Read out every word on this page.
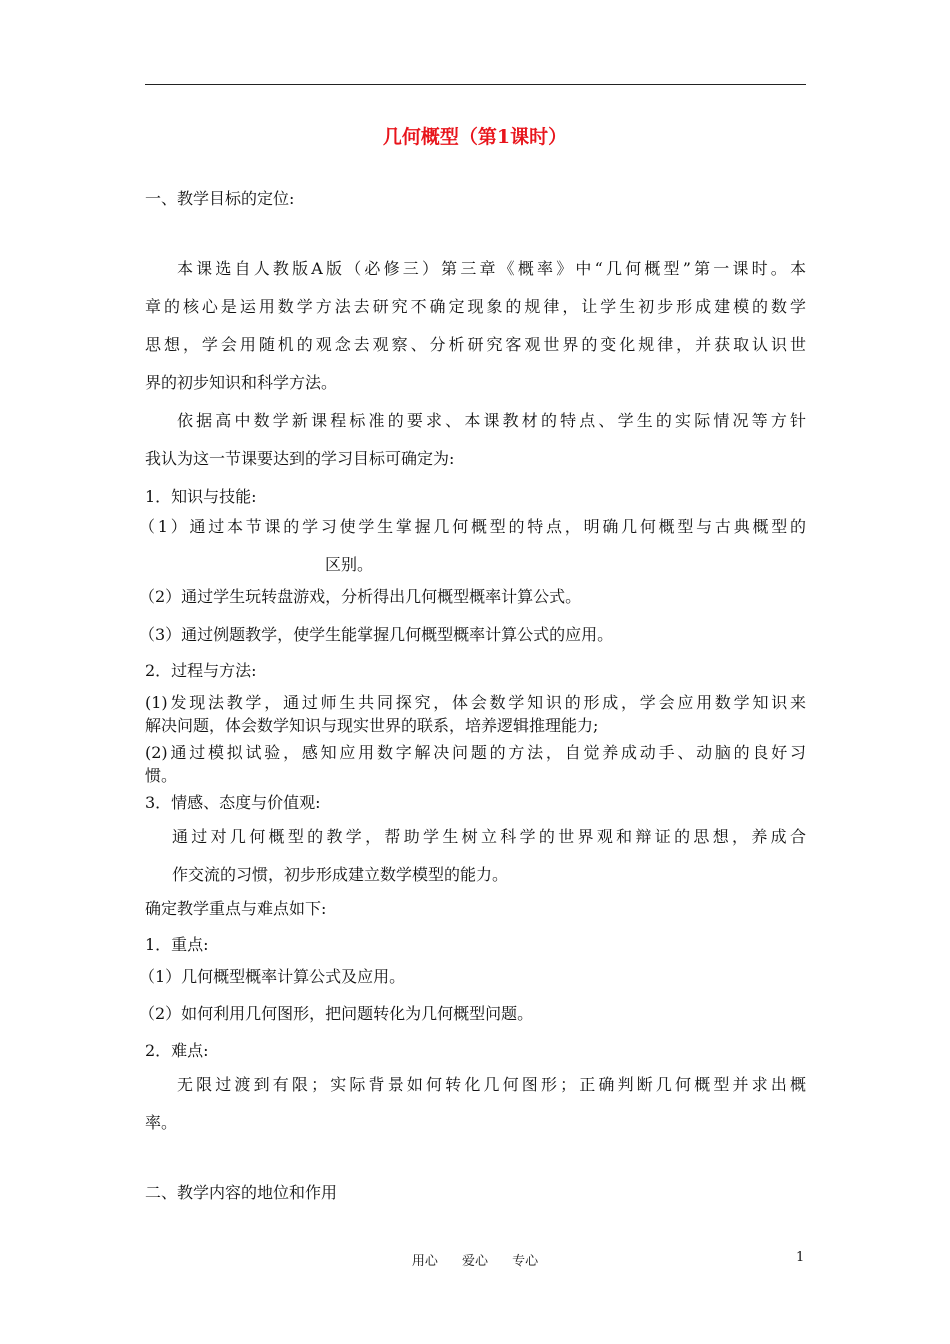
几何概型（第1课时）
一、教学目标的定位:
本课选自人教版A版（必修三）第三章《概率》中“几何概型”第一课时。本
章的核心是运用数学方法去研究不确定现象的规律，让学生初步形成建模的数学
思想，学会用随机的观念去观察、分析研究客观世界的变化规律，并获取认识世
界的初步知识和科学方法。
依据高中数学新课程标准的要求、本课教材的特点、学生的实际情况等方针
我认为这一节课要达到的学习目标可确定为:
1．知识与技能:
（1）通过本节课的学习使学生掌握几何概型的特点，明确几何概型与古典概型的
区别。
（2）通过学生玩转盘游戏，分析得出几何概型概率计算公式。
（3）通过例题教学，使学生能掌握几何概型概率计算公式的应用。
2．过程与方法:
(1)发现法教学，通过师生共同探究，体会数学知识的形成，学会应用数学知识来
解决问题，体会数学知识与现实世界的联系，培养逻辑推理能力;
(2)通过模拟试验，感知应用数字解决问题的方法，自觉养成动手、动脑的良好习
惯。
3．情感、态度与价值观:
通过对几何概型的教学，帮助学生树立科学的世界观和辩证的思想，养成合
作交流的习惯，初步形成建立数学模型的能力。
确定教学重点与难点如下:
1．重点:
（1）几何概型概率计算公式及应用。
（2）如何利用几何图形，把问题转化为几何概型问题。
2．难点:
无限过渡到有限；实际背景如何转化几何图形；正确判断几何概型并求出概
率。
二、教学内容的地位和作用
用心 爱心 专心	1
